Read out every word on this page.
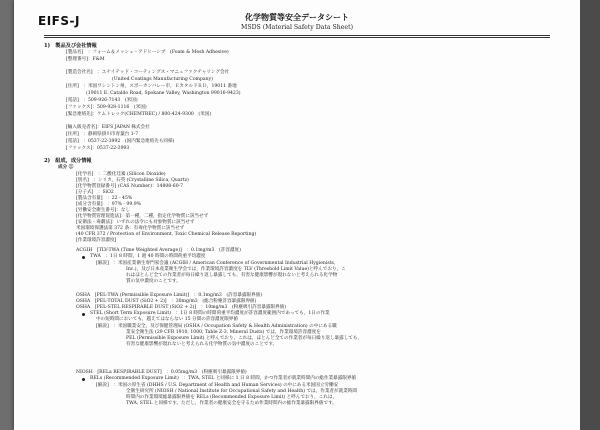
EIFS-J	化学物質等安全データシート
MSDS (Material Safety Data Sheet)
1)　製品及び会社情報
[製品名]　：フォーム＆メッシュ・アドヒーシブ　(Foam & Mesh Adhesive)
[整理番号]：F&M
[製造会社名]　：ユナイテッド・コーティングス・マニュファクチャリング会社
(United Coatings Manufacturing Company)
[住所]　：米国ワシントン州，スポーカンバレー市，ＥカタルドＲＤ，19011 番地
(19011 E. Cataldo Road, Spokane Valley, Washington 99016-9423)
[電話]　：509-926-7143　(米国)
[ファックス]：509-928-1116　(米国)
[緊急連絡先]：ケムトレック(CHEMTREC) / 800-424-9300　(米国)
[輸入販売者名]：EIFS JAPAN 株式会社
[住所]　：静岡県掛川市青葉台 1-7
[電話]　：0537-22-3992　(国内緊急連絡先も同様)
[ファックス]：0537-22-3993
2)　組成，成分情報
成分 ①
[化学名]　：二酸化珪素 (Silicon Dioxide)
[別名]　：シリカ，石英 (Crystalline Silica, Quartz)
[化学物質登録番号] (CAS Number)：14808-60-7
[分子式]　：SiO2
[製品含有量]　：22 - 45%
[成分含有量]　：97% - 99.9%
[労働安全衛生番号]：なし
[化学物質管理促進法]：第一種，二種，指定化学物質に該当せず
[安衛法・毒劇法]：いずれの法令にも対象物質に該当せず
米国環境保護法第 372 条：有毒化学物質に該当せず
(40 CFR 372 / Protection of Environment, Toxic Chemical Release Reporting)
[作業環境許容濃度]
ACGIH　[TLV-TWA (Time Weighted Average)]　：0.1mg/m3　(許容濃度)
TWA　：1日 8 時間，1 週 40 時間の時間荷重平均濃度
[解説]　：米国産業衛生専門家会議 (ACGIH / American Conference of Governmental Industrial Hygienists,
Inc.)，及び日本産業衛生学会では，作業環境許容濃度を TLV (Threshold Limit Value)と呼んでおり，こ
れはほとんど全ての作業者が毎日繰り返し暴露しても，有害な健康影響が現れないと考えられる化学物
質の気中濃度のことです。
OSHA　[PEL-TWA (Permissible Exposure Limit)]　：0.1mg/m3　(許容暴露限界値)
OSHA　[PEL-TOTAL DUST (SiO2 + 2)]　：30mg/m3　(総合粉塵許容暴露限界値)
OSHA　[PEL-STEL RESPIRABLE DUST (SiO2 + 2)]　：10mg/m3　(粉塵吸引許容暴露限界値)
STEL (Short Term Exposure Limit)　：1日 8 時間の時間荷重平均濃度が許容濃度範囲内であっても，1日の作業
中の短時間においても，越えてはならない 15 分間の許容濃度限界値
[解説]　：米国職業安全，及び保健管理局 (OSHA / Occupation Safety & Health Administration) の中にある職
業安全衛生法 (29 CFR 1910, 1000, Table Z-3, Mineral Dusts) では，作業環境許容濃度を
PEL (Permissible Exposure Limit) と呼んでおり，これは，ほとんど全ての作業者が毎日繰り返し暴露しても，
有害な健康影響が現れないと考えられる化学物質の気中濃度のことです。
NIOSH　[RELa RESPIRABLE DUST]　：0.05mg/m3　(粉塵吸引暴露限界値)
RELs (Recommended Exposure Limit)　：TWA, STEL と同様に 1 日 8 時間，かつ作業者が就業時間内の総作業暴露限界値
[解説]　：米国の厚生省 (DHHS / U.S. Department of Health and Human Services) の中にある米国国立労働安
全衛生研究所 (NIOSH / National Institute for Occupational Safety and Health) では，作業者が就業時間
時間内の作業環境総暴露限界値を RELs (Recommended Exposure Limit) と呼んでおり，これは，
TWA, STEL と同様です。ただし，作業者の健康安全を守るため作業時間内の総作業暴露限界値です。
